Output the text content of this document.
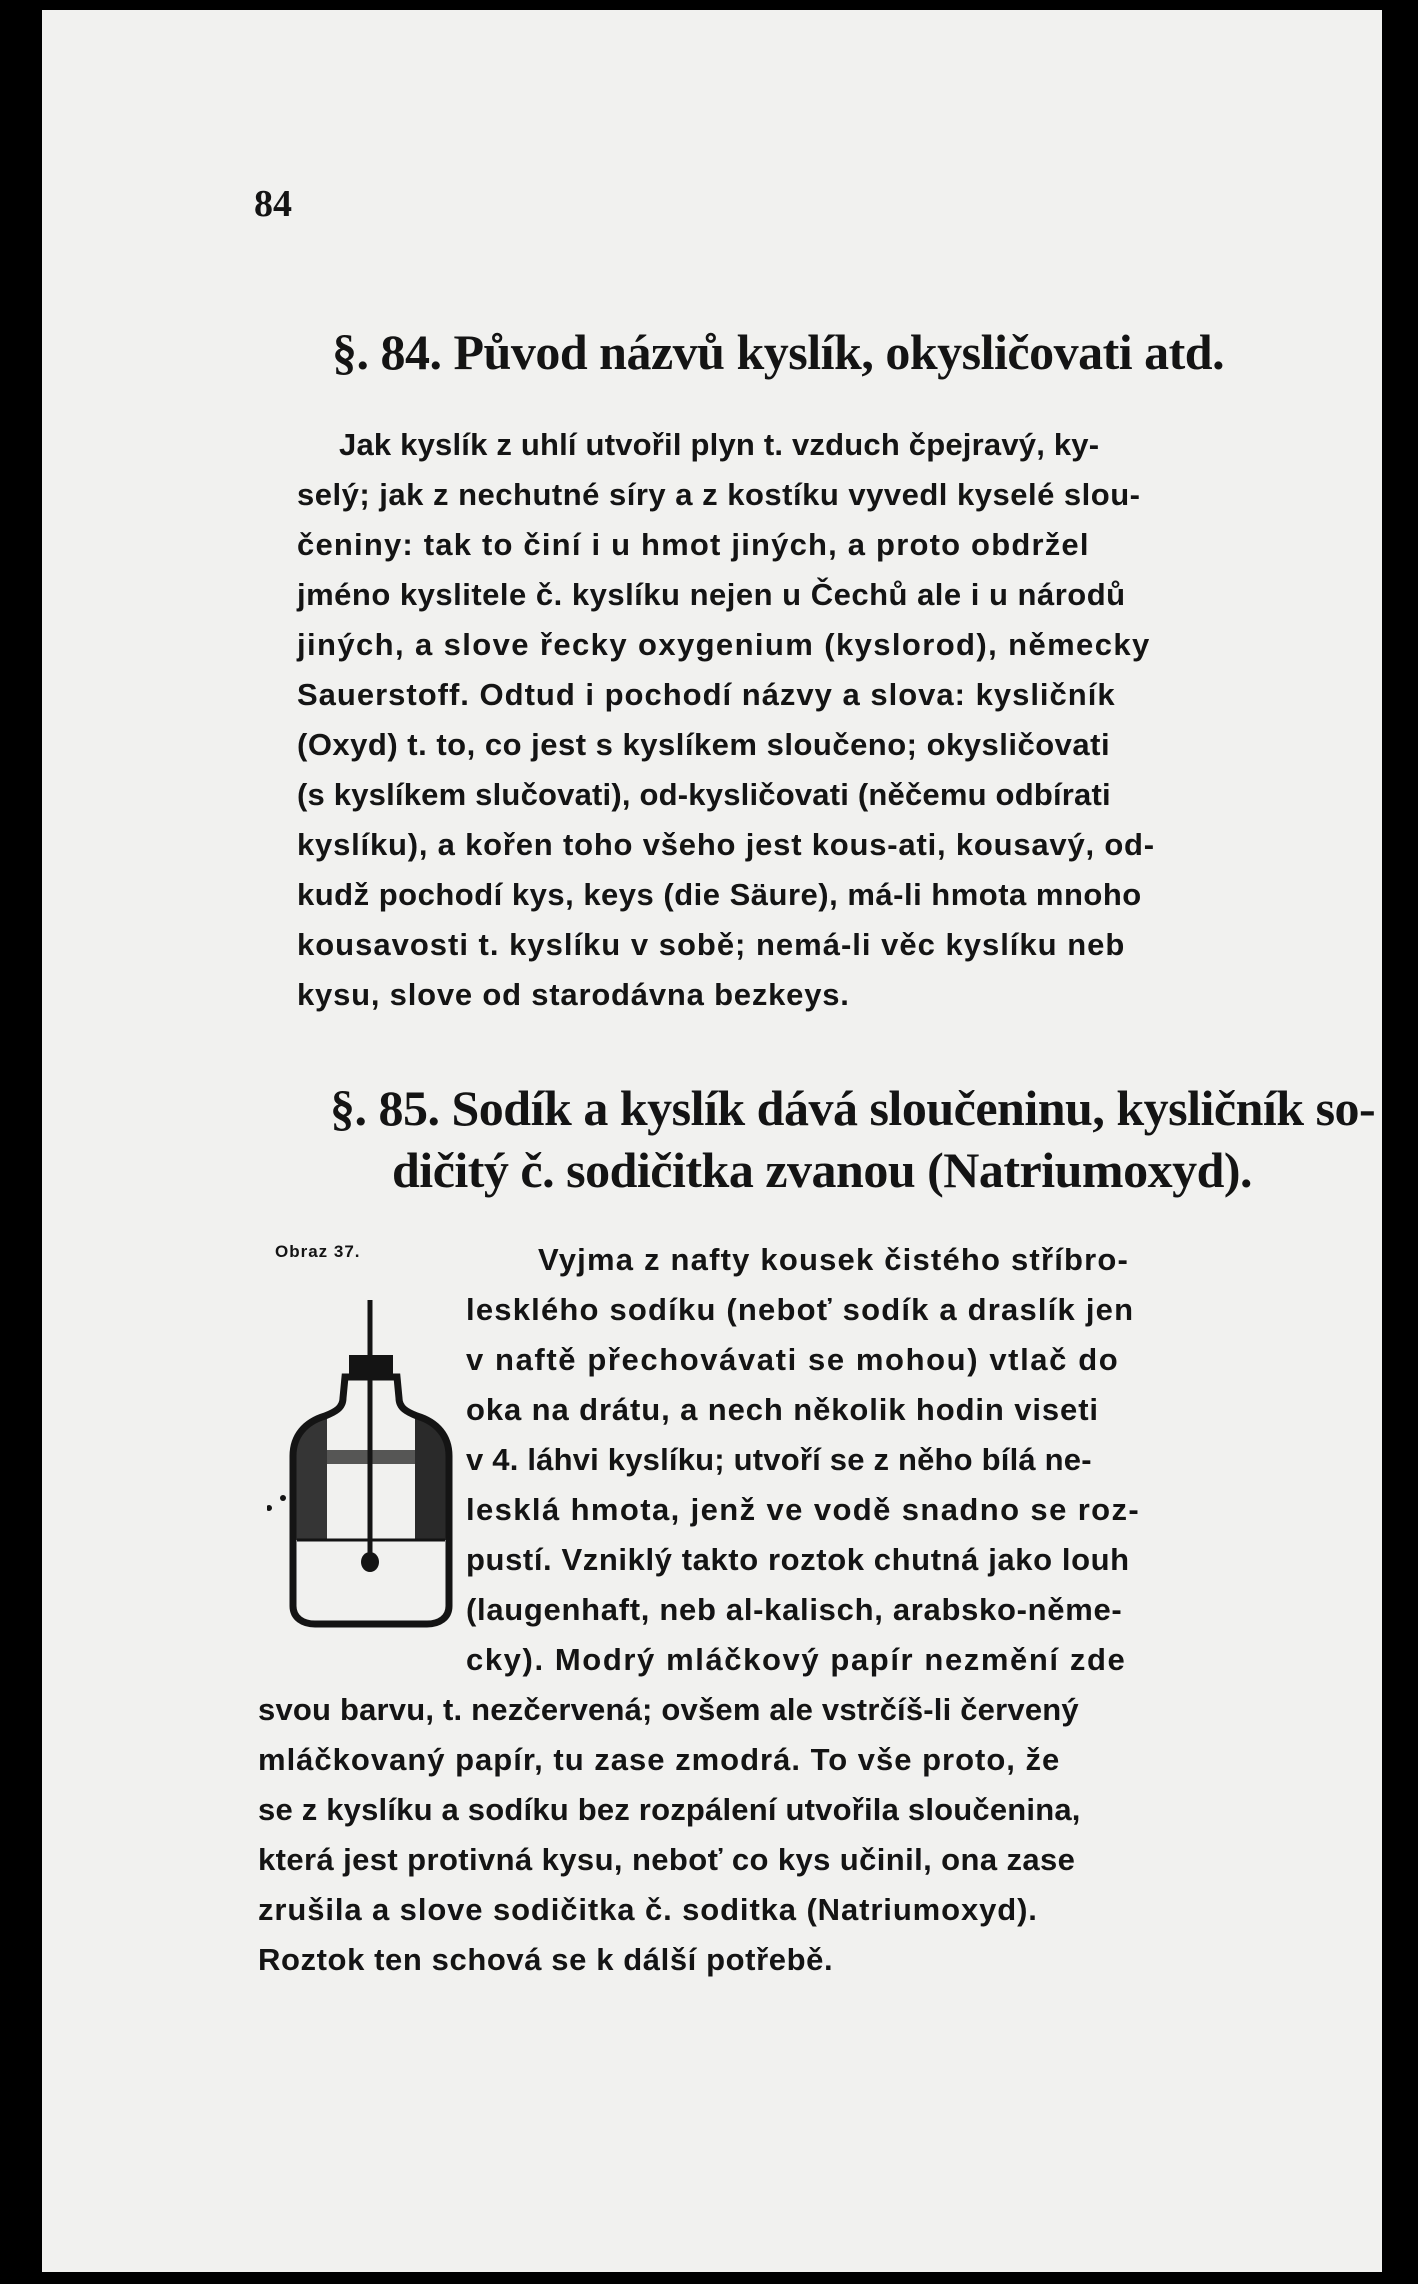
84
§. 84. Původ názvů kyslík, okysličovati atd.
Jak kyslík z uhlí utvořil plyn t. vzduch čpejravý, ky-
selý; jak z nechutné síry a z kostíku vyvedl kyselé slou-
čeniny: tak to činí i u hmot jiných, a proto obdržel
jméno kyslitele č. kyslíku nejen u Čechů ale i u národů
jiných, a slove řecky oxygenium (kyslorod), německy
Sauerstoff. Odtud i pochodí názvy a slova: kysličník
(Oxyd) t. to, co jest s kyslíkem sloučeno; okysličovati
(s kyslíkem slučovati), od-kysličovati (něčemu odbírati
kyslíku), a kořen toho všeho jest kous-ati, kousavý, od-
kudž pochodí kys, keys (die Säure), má-li hmota mnoho
kousavosti t. kyslíku v sobě; nemá-li věc kyslíku neb
kysu, slove od starodávna bezkeys.
§. 85. Sodík a kyslík dává sloučeninu, kysličník so-
dičitý č. sodičitka zvanou (Natriumoxyd).
Obraz 37.	Vyjma z nafty kousek čistého stříbro-
lesklého sodíku (neboť sodík a draslík jen
v naftě přechovávati se mohou) vtlač do
oka na drátu, a nech několik hodin viseti
v 4. láhvi kyslíku; utvoří se z něho bílá ne-
lesklá hmota, jenž ve vodě snadno se roz-
pustí. Vzniklý takto roztok chutná jako louh
(laugenhaft, neb al-kalisch, arabsko-něme-
cky). Modrý mláčkový papír nezmění zde
svou barvu, t. nezčervená; ovšem ale vstrčíš-li červený
mláčkovaný papír, tu zase zmodrá. To vše proto, že
se z kyslíku a sodíku bez rozpálení utvořila sloučenina,
která jest protivná kysu, neboť co kys učinil, ona zase
zrušila a slove sodičitka č. soditka (Natriumoxyd).
Roztok ten schová se k dálší potřebě.
